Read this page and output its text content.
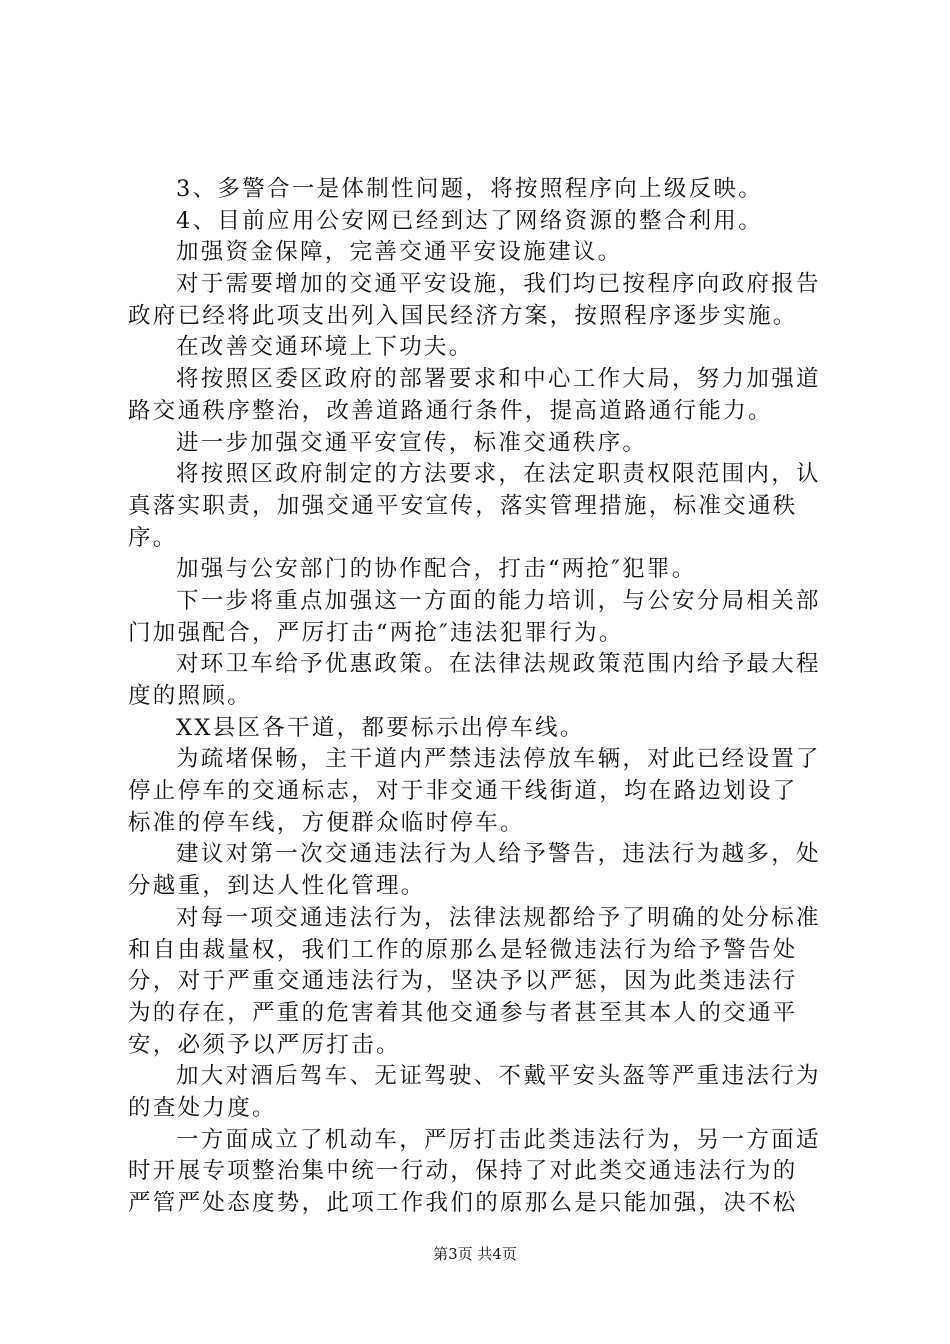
3、多警合一是体制性问题，将按照程序向上级反映。
4、目前应用公安网已经到达了网络资源的整合利用。
加强资金保障，完善交通平安设施建议。
对于需要增加的交通平安设施，我们均已按程序向政府报告
政府已经将此项支出列入国民经济方案，按照程序逐步实施。
在改善交通环境上下功夫。
将按照区委区政府的部署要求和中心工作大局，努力加强道
路交通秩序整治，改善道路通行条件，提高道路通行能力。
进一步加强交通平安宣传，标准交通秩序。
将按照区政府制定的方法要求，在法定职责权限范围内，认
真落实职责，加强交通平安宣传，落实管理措施，标准交通秩
序。
加强与公安部门的协作配合，打击“两抢″犯罪。
下一步将重点加强这一方面的能力培训，与公安分局相关部
门加强配合，严厉打击“两抢″违法犯罪行为。
对环卫车给予优惠政策。在法律法规政策范围内给予最大程
度的照顾。
XX县区各干道，都要标示出停车线。
为疏堵保畅，主干道内严禁违法停放车辆，对此已经设置了
停止停车的交通标志，对于非交通干线街道，均在路边划设了
标准的停车线，方便群众临时停车。
建议对第一次交通违法行为人给予警告，违法行为越多，处
分越重，到达人性化管理。
对每一项交通违法行为，法律法规都给予了明确的处分标准
和自由裁量权，我们工作的原那么是轻微违法行为给予警告处
分，对于严重交通违法行为，坚决予以严惩，因为此类违法行
为的存在，严重的危害着其他交通参与者甚至其本人的交通平
安，必须予以严厉打击。
加大对酒后驾车、无证驾驶、不戴平安头盔等严重违法行为
的查处力度。
一方面成立了机动车，严厉打击此类违法行为，另一方面适
时开展专项整治集中统一行动，保持了对此类交通违法行为的
严管严处态度势，此项工作我们的原那么是只能加强，决不松
第3页 共4页
